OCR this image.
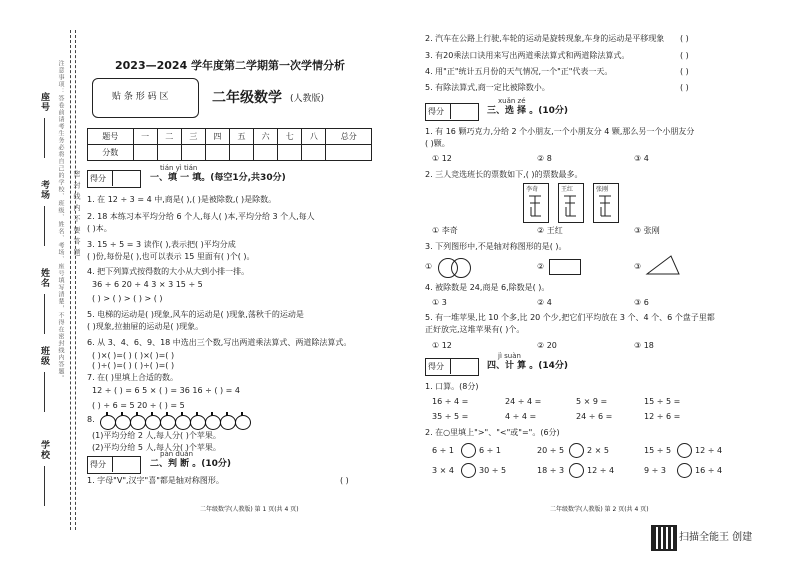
密 封 线 内 不 要 答 题
注意事项：答卷前请考生务必将自己的学校、班级、姓名、考场、座号填写清楚，不得在密封线内答题。
座号
考场
姓名
班级
学校
2023—2024 学年度第二学期第一次学情分析
贴 条 形 码 区	二年级数学 (人教版)
题号	一	二	三	四	五	六	七	八	总分
分数									
得分
tián yì tián
一、填 一 填。(每空1分,共30分)
1. 在 12 ÷ 3 = 4 中,商是( ),( )是被除数,( )是除数。
2. 18 本练习本平均分给 6 个人,每人( )本,平均分给 3 个人,每人
( )本。
3. 15 ÷ 5 = 3 读作( ),表示把( )平均分成
( )份,每份是( ),也可以表示 15 里面有( )个( )。
4. 把下列算式按得数的大小从大到小排一排。
36 ÷ 6 20 ÷ 4 3 × 3 15 ÷ 5
( ) > ( ) > ( ) > ( )
5. 电梯的运动是( )现象,风车的运动是( )现象,荡秋千的运动是
( )现象,拉抽屉的运动是( )现象。
6. 从 3、4、6、9、18 中选出三个数,写出两道乘法算式、两道除法算式。
( )×( )=( ) ( )×( )=( )
( )÷( )=( ) ( )÷( )=( )
7. 在( )里填上合适的数。
12 ÷ ( ) = 6 5 × ( ) = 36 16 ÷ ( ) = 4
( ) ÷ 6 = 5 20 ÷ ( ) = 5
8.
(1)平均分给 2 人,每人分( )个苹果。
(2)平均分给 5 人,每人分( )个苹果。
得分
pàn duàn
二、判 断 。(10分)
1. 字母"V",汉字"喜"都是轴对称图形。	( )
二年级数学(人教版) 第 1 页(共 4 页)
2. 汽车在公路上行驶,车轮的运动是旋转现象,车身的运动是平移现象 ( )
3. 有20乘法口诀用来写出两道乘法算式和两道除法算式。	( )
4. 用"正"统计五月份的天气情况,一个"正"代表一天。	( )
5. 有除法算式,商一定比被除数小。	( )
得分
xuǎn zé
三、选 择 。(10分)
1. 有 16 颗巧克力,分给 2 个小朋友,一个小朋友分 4 颗,那么另一个小朋友分
( )颗。
① 12	② 8	③ 4
2. 三人竞选班长的票数如下,( )的票数最多。
李奇	王红	张刚
① 李奇	② 王红	③ 张刚
3. 下列图形中,不是轴对称图形的是( )。
①	②	③
4. 被除数是 24,商是 6,除数是( )。
① 3	② 4	③ 6
5. 有一堆苹果,比 10 个多,比 20 个少,把它们平均放在 3 个、4 个、6 个盘子里都
正好放完,这堆苹果有( )个。
① 12	② 20	③ 18
得分
jì suàn
四、计 算 。(14分)
1. 口算。(8分)
16 ÷ 4 =	24 ÷ 4 =	5 × 9 =	15 ÷ 5 =
35 ÷ 5 =	4 ÷ 4 =	24 ÷ 6 =	12 ÷ 6 =
2. 在○里填上">"、"<"或"="。(6分)
6 ÷ 1	6 ÷ 1	20 ÷ 5	2 × 5	15 ÷ 5	12 ÷ 4
3 × 4	30 ÷ 5	18 ÷ 3	12 ÷ 4	9 ÷ 3	16 ÷ 4
二年级数学(人教版) 第 2 页(共 4 页)
扫描全能王 创建
